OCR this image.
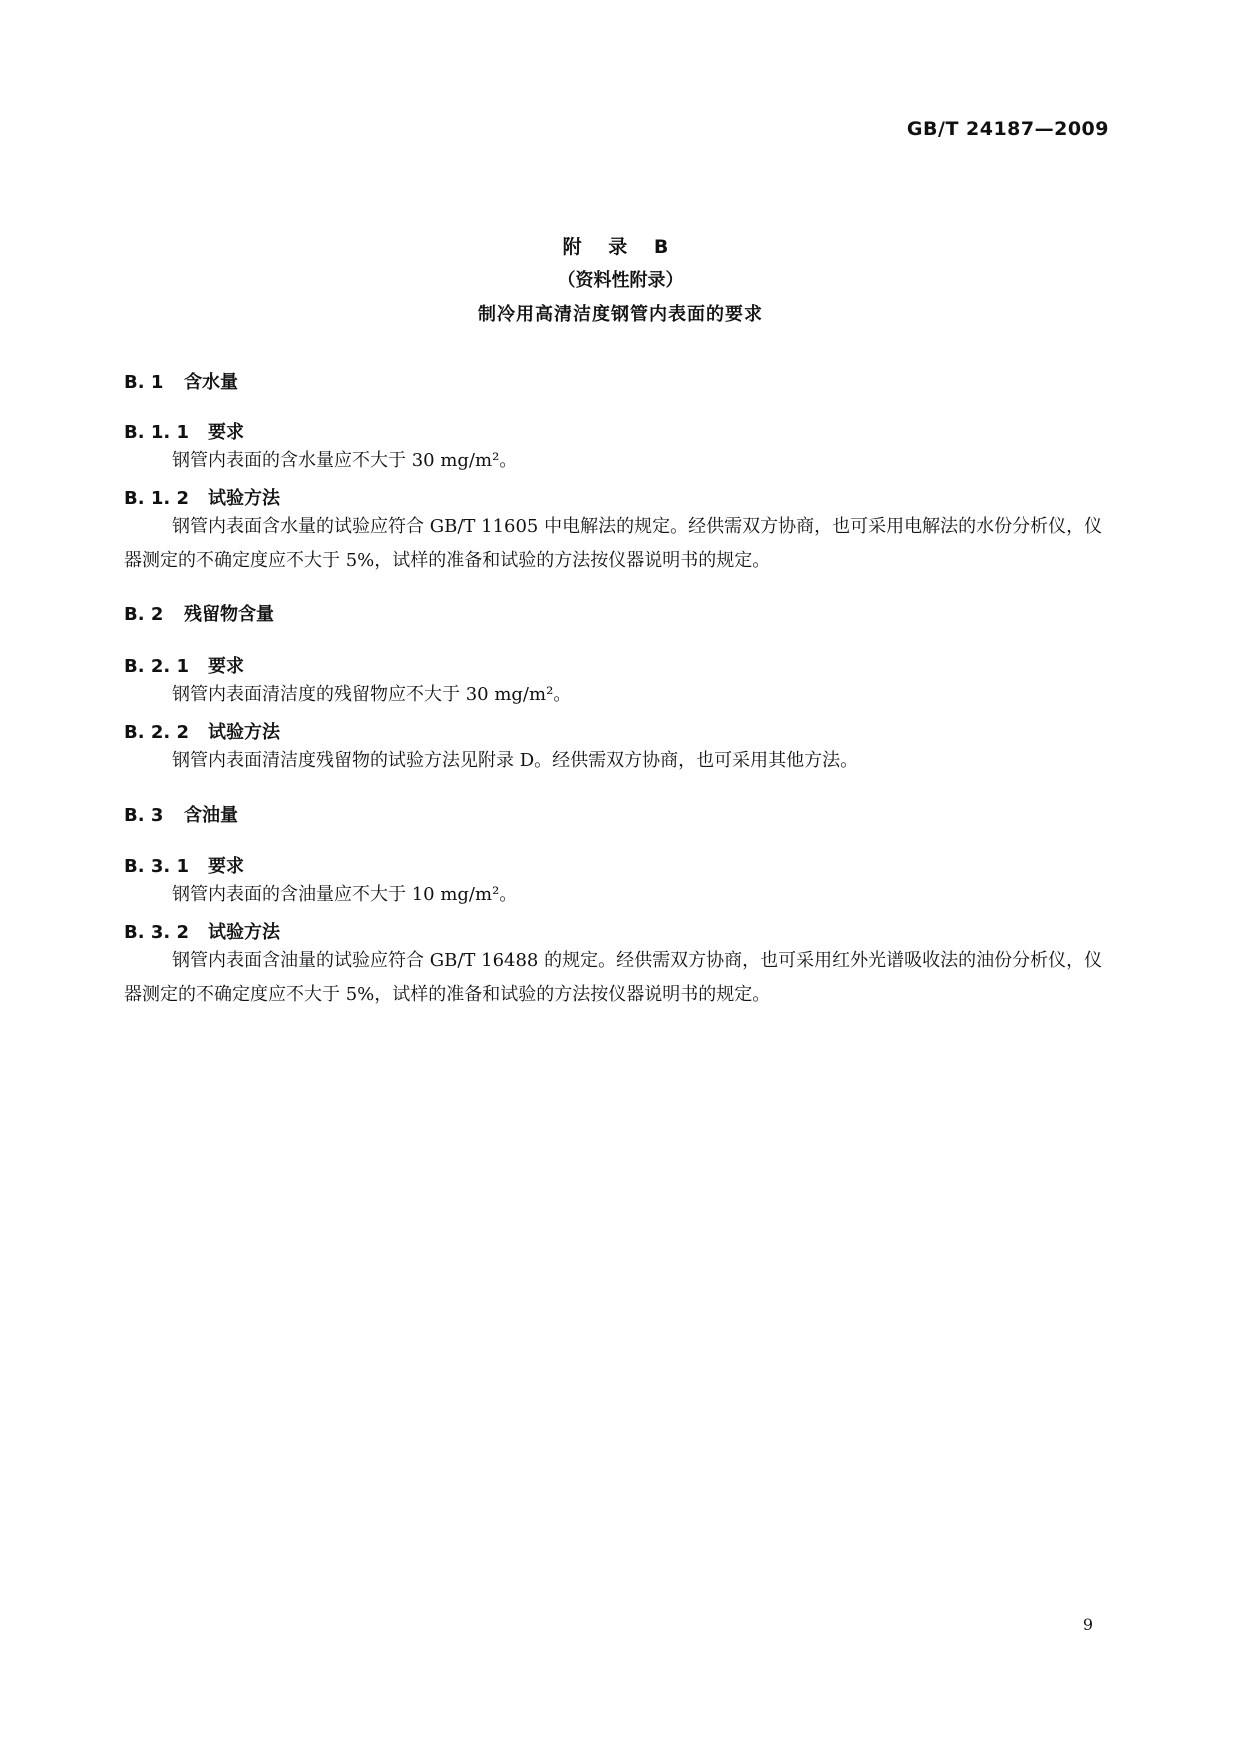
GB/T 24187—2009
附 录 B
（资料性附录）
制冷用高清洁度钢管内表面的要求
B. 1 含水量
B. 1. 1 要求
钢管内表面的含水量应不大于 30 mg/m²。
B. 1. 2 试验方法
钢管内表面含水量的试验应符合 GB/T 11605 中电解法的规定。经供需双方协商，也可采用电解法的水份分析仪，仪器测定的不确定度应不大于 5%，试样的准备和试验的方法按仪器说明书的规定。
B. 2 残留物含量
B. 2. 1 要求
钢管内表面清洁度的残留物应不大于 30 mg/m²。
B. 2. 2 试验方法
钢管内表面清洁度残留物的试验方法见附录 D。经供需双方协商，也可采用其他方法。
B. 3 含油量
B. 3. 1 要求
钢管内表面的含油量应不大于 10 mg/m²。
B. 3. 2 试验方法
钢管内表面含油量的试验应符合 GB/T 16488 的规定。经供需双方协商，也可采用红外光谱吸收法的油份分析仪，仪器测定的不确定度应不大于 5%，试样的准备和试验的方法按仪器说明书的规定。
9
